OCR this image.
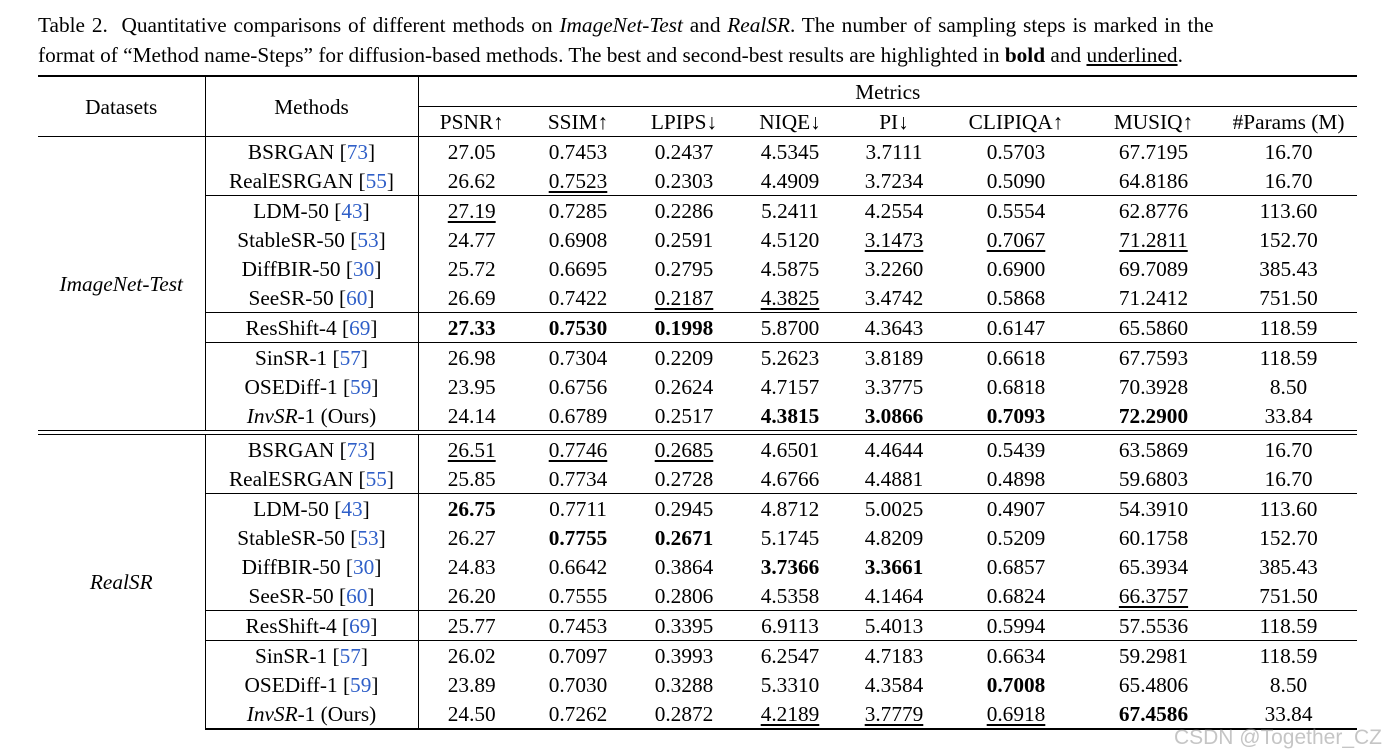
Table 2. Quantitative comparisons of different methods on ImageNet-Test and RealSR. The number of sampling steps is marked in the
format of “Method name-Steps” for diffusion-based methods. The best and second-best results are highlighted in bold and underlined.
Datasets	Methods	Metrics							
		PSNR↑	SSIM↑	LPIPS↓	NIQE↓	PI↓	CLIPIQA↑	MUSIQ↑	#Params (M)
ImageNet-Test	BSRGAN [73]	27.05	0.7453	0.2437	4.5345	3.7111	0.5703	67.7195	16.70
	RealESRGAN [55]	26.62	0.7523	0.2303	4.4909	3.7234	0.5090	64.8186	16.70
	LDM-50 [43]	27.19	0.7285	0.2286	5.2411	4.2554	0.5554	62.8776	113.60
	StableSR-50 [53]	24.77	0.6908	0.2591	4.5120	3.1473	0.7067	71.2811	152.70
	DiffBIR-50 [30]	25.72	0.6695	0.2795	4.5875	3.2260	0.6900	69.7089	385.43
	SeeSR-50 [60]	26.69	0.7422	0.2187	4.3825	3.4742	0.5868	71.2412	751.50
	ResShift-4 [69]	27.33	0.7530	0.1998	5.8700	4.3643	0.6147	65.5860	118.59
	SinSR-1 [57]	26.98	0.7304	0.2209	5.2623	3.8189	0.6618	67.7593	118.59
	OSEDiff-1 [59]	23.95	0.6756	0.2624	4.7157	3.3775	0.6818	70.3928	8.50
	InvSR-1 (Ours)	24.14	0.6789	0.2517	4.3815	3.0866	0.7093	72.2900	33.84

RealSR	BSRGAN [73]	26.51	0.7746	0.2685	4.6501	4.4644	0.5439	63.5869	16.70
	RealESRGAN [55]	25.85	0.7734	0.2728	4.6766	4.4881	0.4898	59.6803	16.70
	LDM-50 [43]	26.75	0.7711	0.2945	4.8712	5.0025	0.4907	54.3910	113.60
	StableSR-50 [53]	26.27	0.7755	0.2671	5.1745	4.8209	0.5209	60.1758	152.70
	DiffBIR-50 [30]	24.83	0.6642	0.3864	3.7366	3.3661	0.6857	65.3934	385.43
	SeeSR-50 [60]	26.20	0.7555	0.2806	4.5358	4.1464	0.6824	66.3757	751.50
	ResShift-4 [69]	25.77	0.7453	0.3395	6.9113	5.4013	0.5994	57.5536	118.59
	SinSR-1 [57]	26.02	0.7097	0.3993	6.2547	4.7183	0.6634	59.2981	118.59
	OSEDiff-1 [59]	23.89	0.7030	0.3288	5.3310	4.3584	0.7008	65.4806	8.50
	InvSR-1 (Ours)	24.50	0.7262	0.2872	4.2189	3.7779	0.6918	67.4586	33.84
CSDN @Together_CZ
